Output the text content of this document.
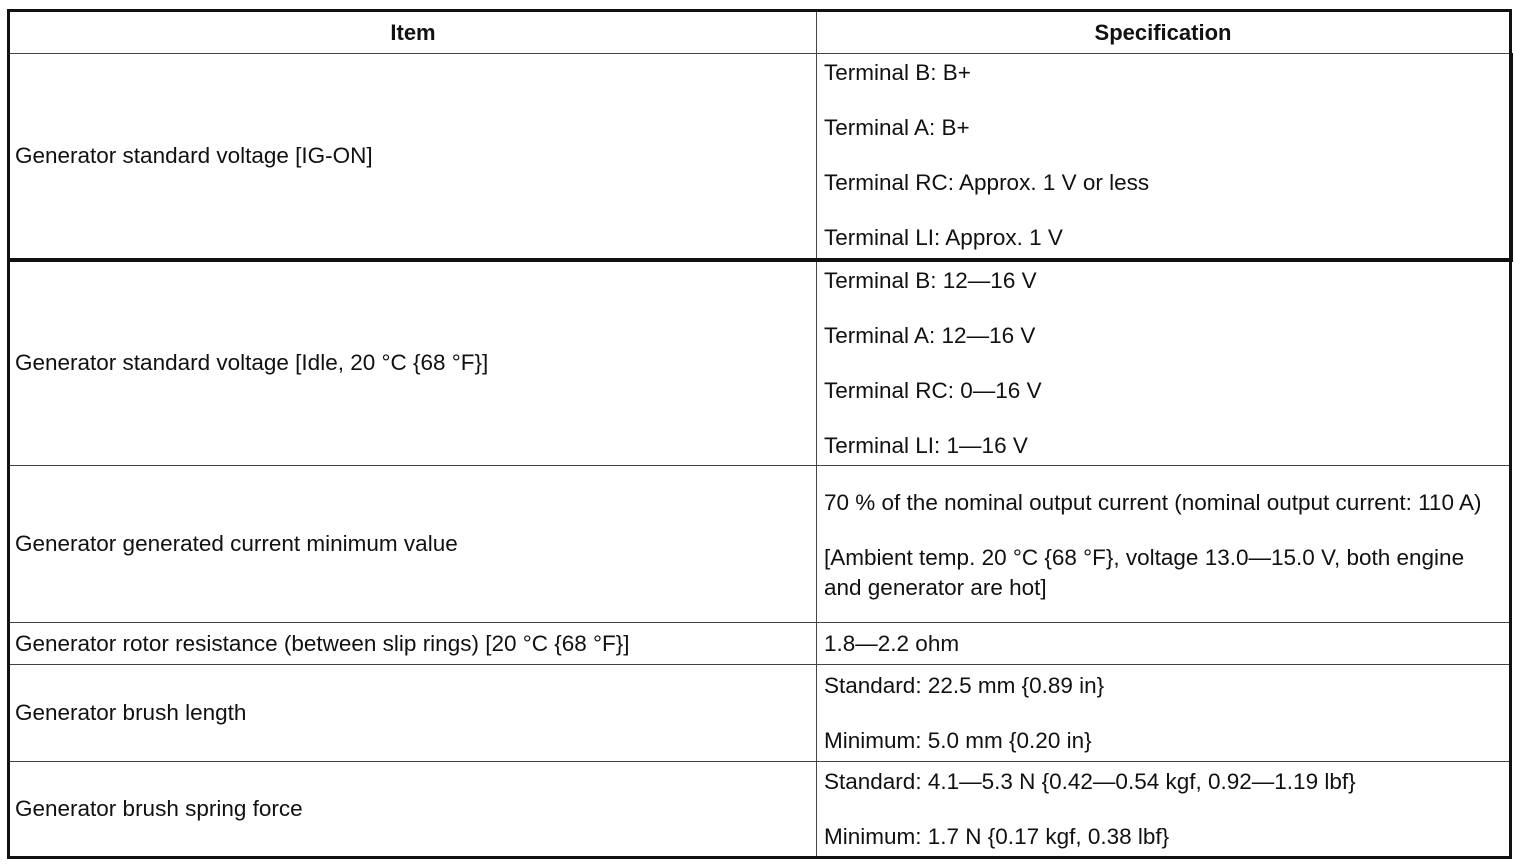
Item	Specification
Generator standard voltage [IG-ON]	Terminal B: B+
Terminal A: B+
Terminal RC: Approx. 1 V or less
Terminal LI: Approx. 1 V

Generator standard voltage [Idle, 20 °C {68 °F}]	Terminal B: 12—16 V
Terminal A: 12—16 V
Terminal RC: 0—16 V
Terminal LI: 1—16 V

Generator generated current minimum value	70 % of the nominal output current (nominal output current: 110 A)
[Ambient temp. 20 °C {68 °F}, voltage 13.0—15.0 V, both engine and generator are hot]

Generator rotor resistance (between slip rings) [20 °C {68 °F}]	1.8—2.2 ohm

Generator brush length	Standard: 22.5 mm {0.89 in}
Minimum: 5.0 mm {0.20 in}

Generator brush spring force	Standard: 4.1—5.3 N {0.42—0.54 kgf, 0.92—1.19 lbf}
Minimum: 1.7 N {0.17 kgf, 0.38 lbf}
